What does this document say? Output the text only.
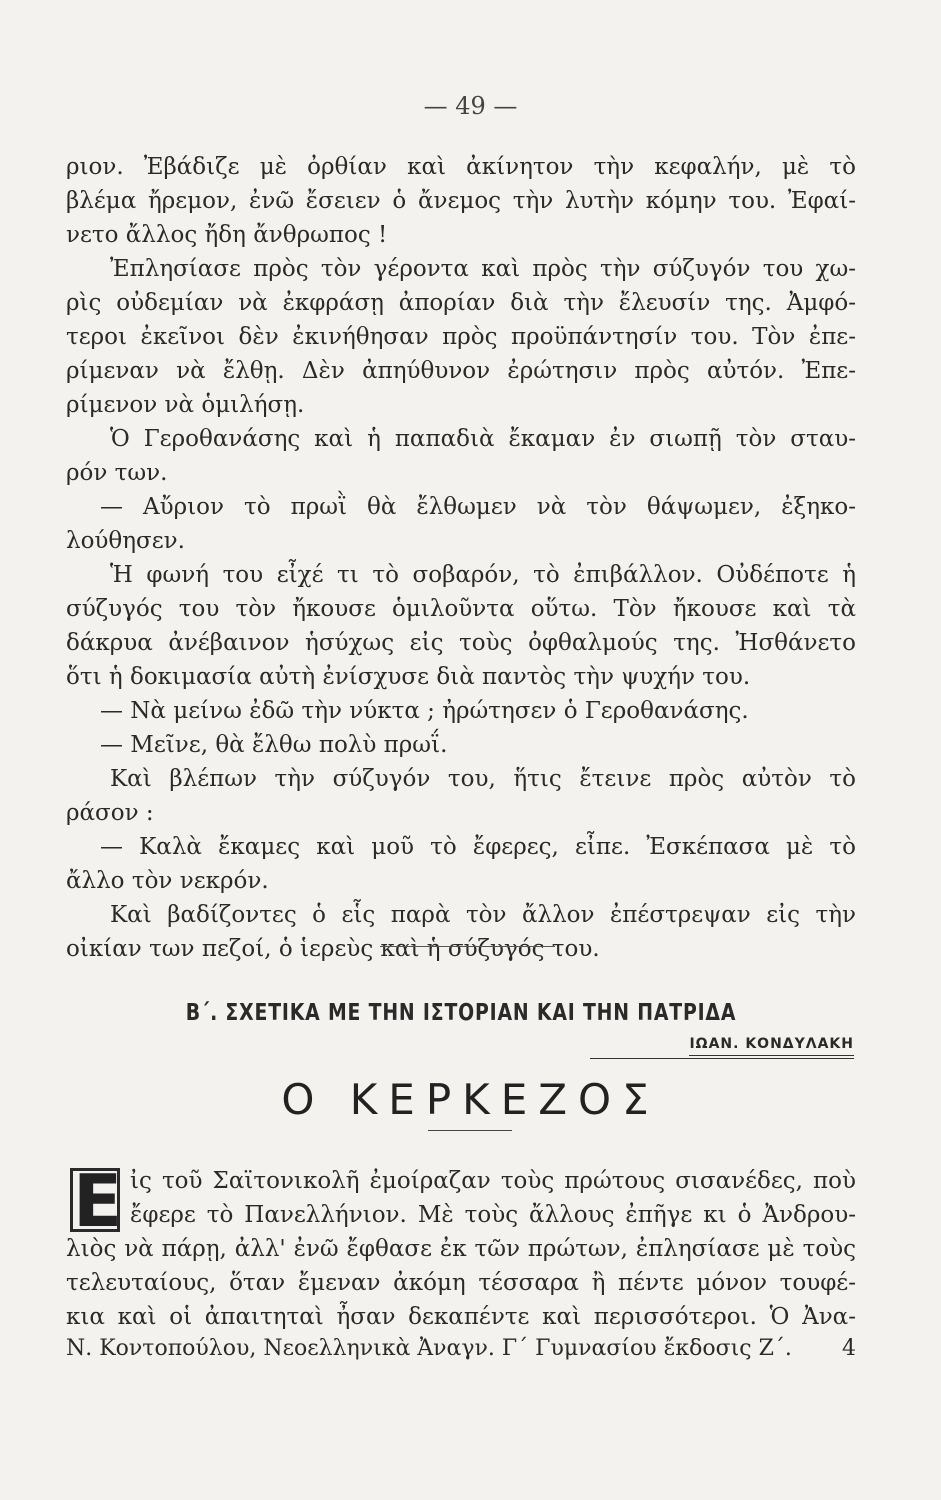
— 49 —
ριον. Ἐβάδιζε μὲ ὀρθίαν καὶ ἀκίνητον τὴν κεφαλήν, μὲ τὸ
βλέμα ἤρεμον, ἐνῶ ἔσειεν ὁ ἄνεμος τὴν λυτὴν κόμην του. Ἐφαί-
νετο ἄλλος ἤδη ἄνθρωπος !
Ἐπλησίασε πρὸς τὸν γέροντα καὶ πρὸς τὴν σύζυγόν του χω-
ρὶς οὐδεμίαν νὰ ἐκφράσῃ ἀπορίαν διὰ τὴν ἔλευσίν της. Ἀμφό-
τεροι ἐκεῖνοι δὲν ἐκινήθησαν πρὸς προϋπάντησίν του. Τὸν ἐπε-
ρίμεναν νὰ ἔλθῃ. Δὲν ἀπηύθυνον ἐρώτησιν πρὸς αὐτόν. Ἐπε-
ρίμενον νὰ ὁμιλήσῃ.
Ὁ Γεροθανάσης καὶ ἡ παπαδιὰ ἔκαμαν ἐν σιωπῇ τὸν σταυ-
ρόν των.
— Αὔριον τὸ πρωῒ θὰ ἔλθωμεν νὰ τὸν θάψωμεν, ἐξηκο-
λούθησεν.
Ἡ φωνή του εἶχέ τι τὸ σοβαρόν, τὸ ἐπιβάλλον. Οὐδέποτε ἡ
σύζυγός του τὸν ἤκουσε ὁμιλοῦντα οὕτω. Τὸν ἤκουσε καὶ τὰ
δάκρυα ἀνέβαινον ἡσύχως εἰς τοὺς ὀφθαλμούς της. Ἠσθάνετο
ὅτι ἡ δοκιμασία αὐτὴ ἐνίσχυσε διὰ παντὸς τὴν ψυχήν του.
— Νὰ μείνω ἐδῶ τὴν νύκτα ; ἠρώτησεν ὁ Γεροθανάσης.
— Μεῖνε, θὰ ἔλθω πολὺ πρωΐ.
Καὶ βλέπων τὴν σύζυγόν του, ἥτις ἔτεινε πρὸς αὐτὸν τὸ
ράσον :
— Καλὰ ἔκαμες καὶ μοῦ τὸ ἔφερες, εἶπε. Ἐσκέπασα μὲ τὸ
ἄλλο τὸν νεκρόν.
Καὶ βαδίζοντες ὁ εἷς παρὰ τὸν ἄλλον ἐπέστρεψαν εἰς τὴν
οἰκίαν των πεζοί, ὁ ἱερεὺς καὶ ἡ σύζυγός του.
Β΄. ΣΧΕΤΙΚΑ ΜΕ ΤΗΝ ΙΣΤΟΡΙΑΝ ΚΑΙ ΤΗΝ ΠΑΤΡΙΔΑ
ΙΩΑΝ. ΚΟΝΔΥΛΑΚΗ
Ο ΚΕΡΚΕΖΟΣ
ἰς τοῦ Σαϊτονικολῆ ἐμοίραζαν τοὺς πρώτους σισανέδες, ποὺ
ἔφερε τὸ Πανελλήνιον. Μὲ τοὺς ἄλλους ἐπῆγε κι ὁ Ἀνδρου-
λιὸς νὰ πάρῃ, ἀλλ' ἐνῶ ἔφθασε ἐκ τῶν πρώτων, ἐπλησίασε μὲ τοὺς
τελευταίους, ὅταν ἔμεναν ἀκόμη τέσσαρα ἢ πέντε μόνον τουφέ-
κια καὶ οἱ ἀπαιτηταὶ ἦσαν δεκαπέντε καὶ περισσότεροι. Ὁ Ἀνα-
Ε
Ν. Κοντοπούλου, Νεοελληνικὰ Ἀναγν. Γ΄ Γυμνασίου ἔκδοσις Ζ΄. 4
